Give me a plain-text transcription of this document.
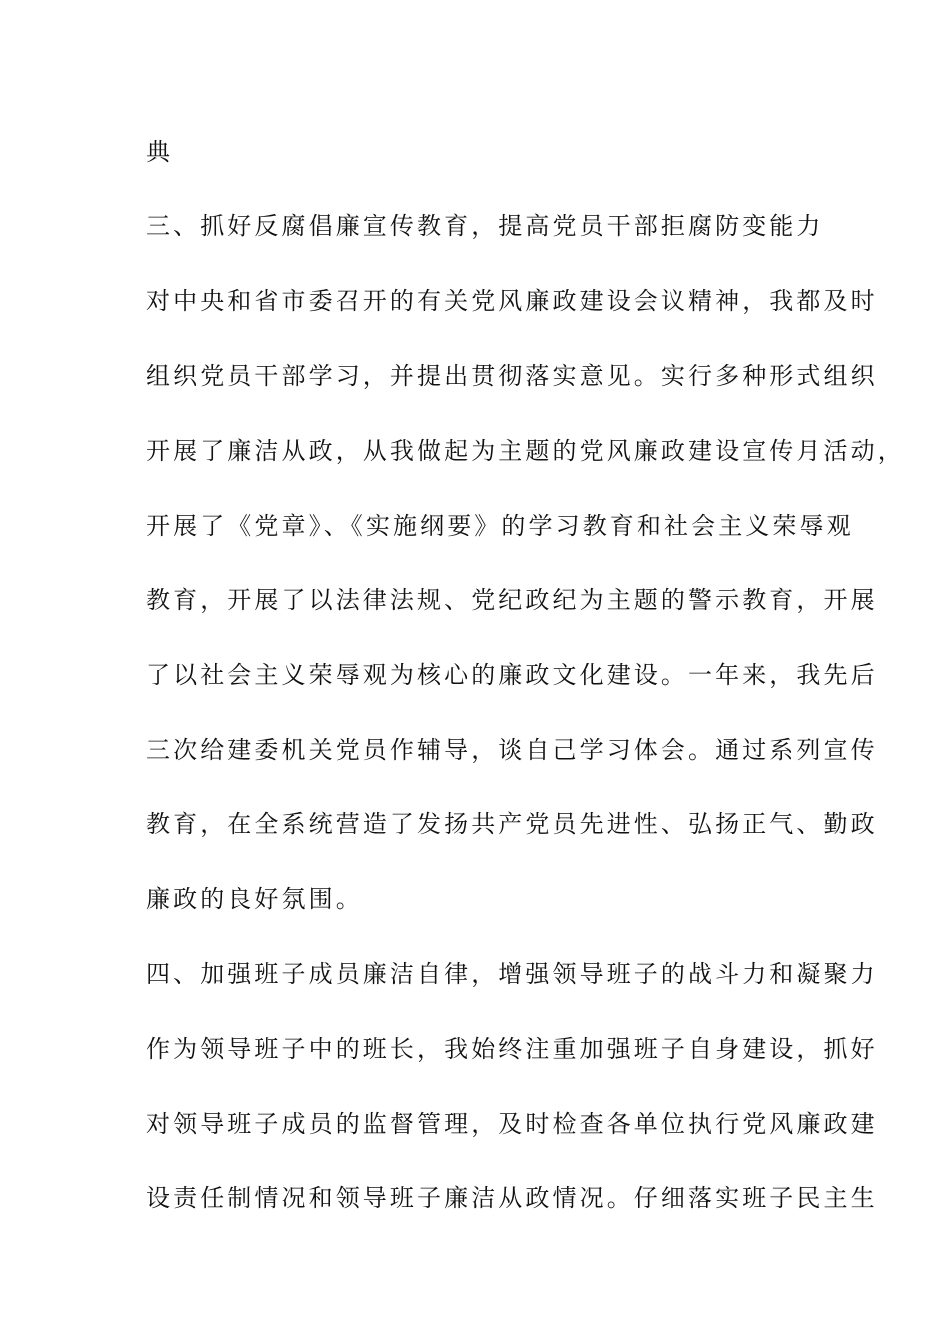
典
三、抓好反腐倡廉宣传教育，提高党员干部拒腐防变能力
对中央和省市委召开的有关党风廉政建设会议精神，我都及时
组织党员干部学习，并提出贯彻落实意见。实行多种形式组织
开展了廉洁从政，从我做起为主题的党风廉政建设宣传月活动，
开展了《党章》、《实施纲要》的学习教育和社会主义荣辱观
教育，开展了以法律法规、党纪政纪为主题的警示教育，开展
了以社会主义荣辱观为核心的廉政文化建设。一年来，我先后
三次给建委机关党员作辅导，谈自己学习体会。通过系列宣传
教育，在全系统营造了发扬共产党员先进性、弘扬正气、勤政
廉政的良好氛围。
四、加强班子成员廉洁自律，增强领导班子的战斗力和凝聚力
作为领导班子中的班长，我始终注重加强班子自身建设，抓好
对领导班子成员的监督管理，及时检查各单位执行党风廉政建
设责任制情况和领导班子廉洁从政情况。仔细落实班子民主生
